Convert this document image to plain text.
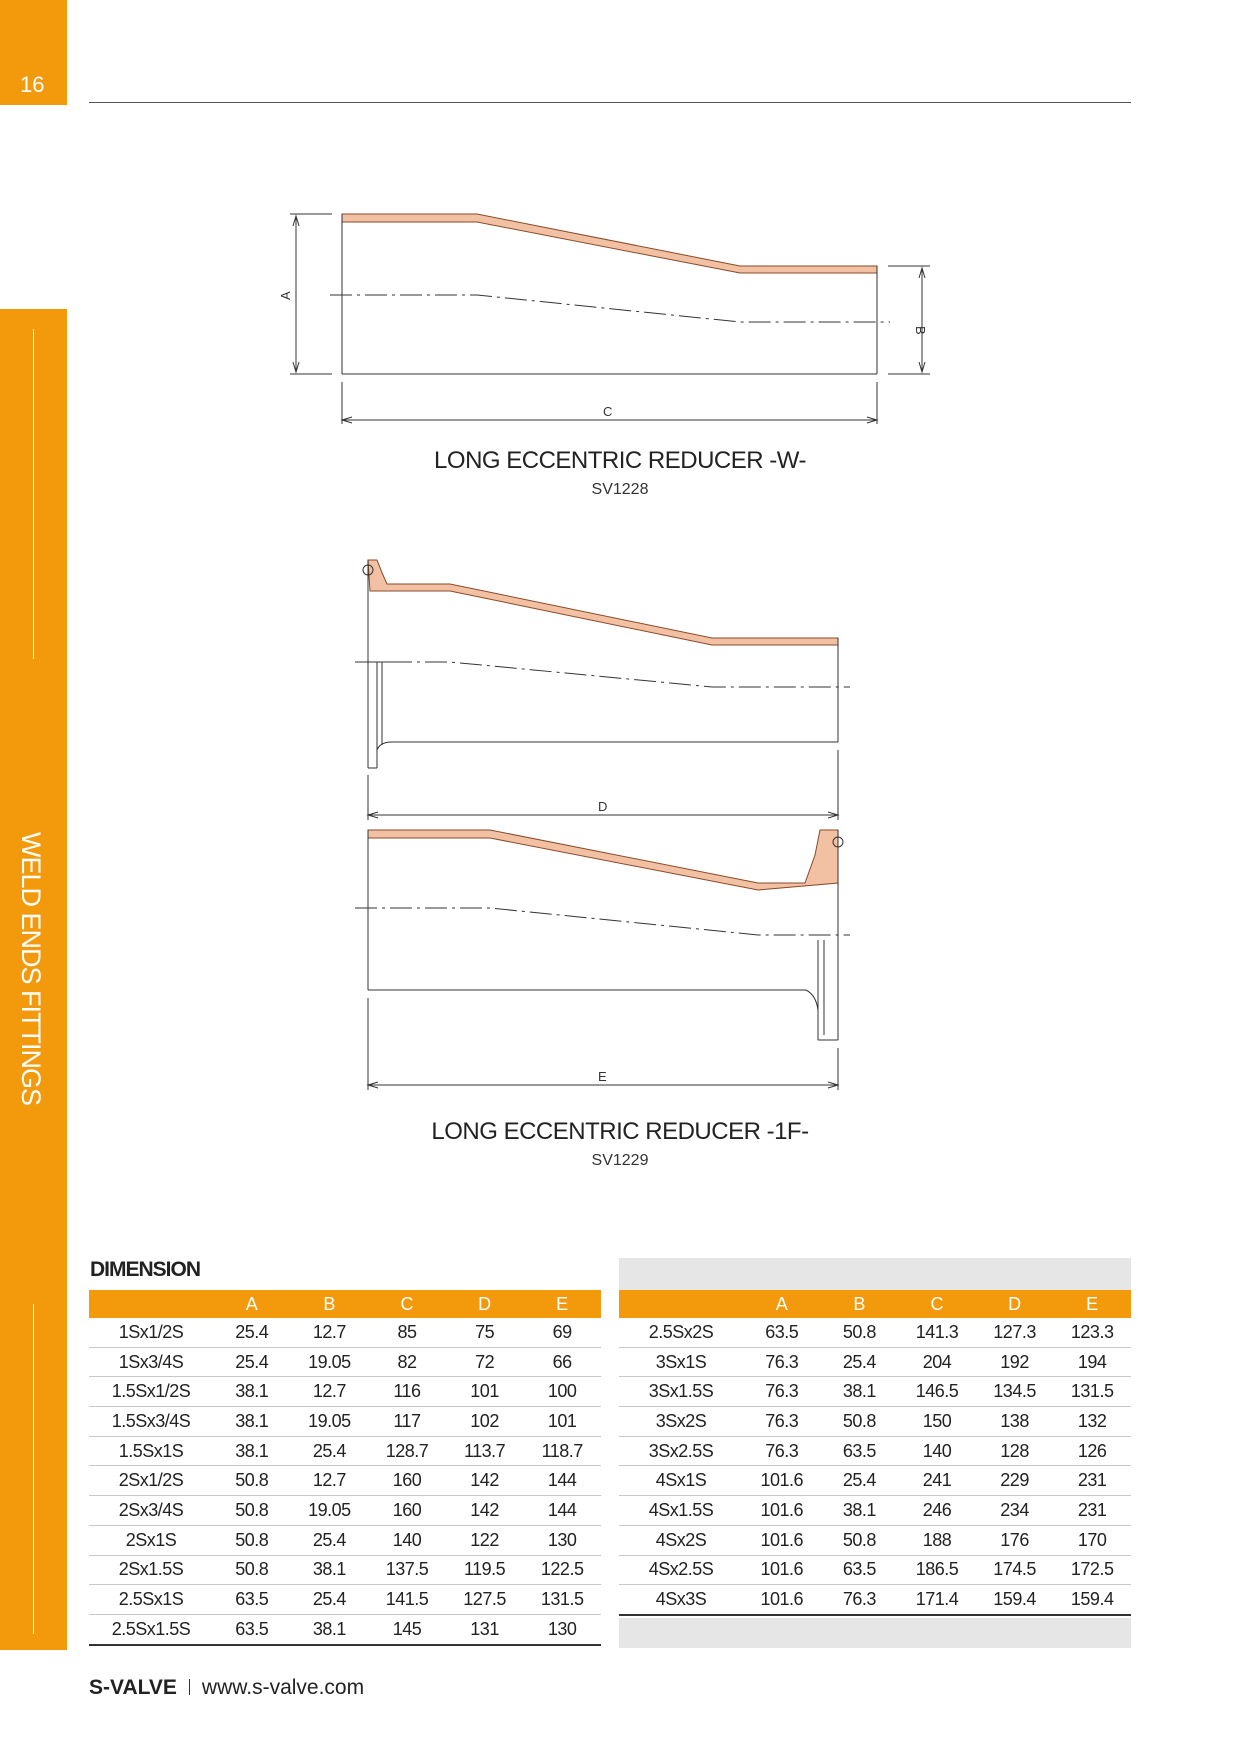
16
WELD ENDS FITTINGS
A
B
C
D
E
LONG ECCENTRIC REDUCER -W-
SV1228
LONG ECCENTRIC REDUCER -1F-
SV1229
DIMENSION
	A	B	C	D	E
1Sx1/2S	25.4	12.7	85	75	69
1Sx3/4S	25.4	19.05	82	72	66
1.5Sx1/2S	38.1	12.7	116	101	100
1.5Sx3/4S	38.1	19.05	117	102	101
1.5Sx1S	38.1	25.4	128.7	113.7	118.7
2Sx1/2S	50.8	12.7	160	142	144
2Sx3/4S	50.8	19.05	160	142	144
2Sx1S	50.8	25.4	140	122	130
2Sx1.5S	50.8	38.1	137.5	119.5	122.5
2.5Sx1S	63.5	25.4	141.5	127.5	131.5
2.5Sx1.5S	63.5	38.1	145	131	130
	A	B	C	D	E
2.5Sx2S	63.5	50.8	141.3	127.3	123.3
3Sx1S	76.3	25.4	204	192	194
3Sx1.5S	76.3	38.1	146.5	134.5	131.5
3Sx2S	76.3	50.8	150	138	132
3Sx2.5S	76.3	63.5	140	128	126
4Sx1S	101.6	25.4	241	229	231
4Sx1.5S	101.6	38.1	246	234	231
4Sx2S	101.6	50.8	188	176	170
4Sx2.5S	101.6	63.5	186.5	174.5	172.5
4Sx3S	101.6	76.3	171.4	159.4	159.4
S-VALVE www.s-valve.com
